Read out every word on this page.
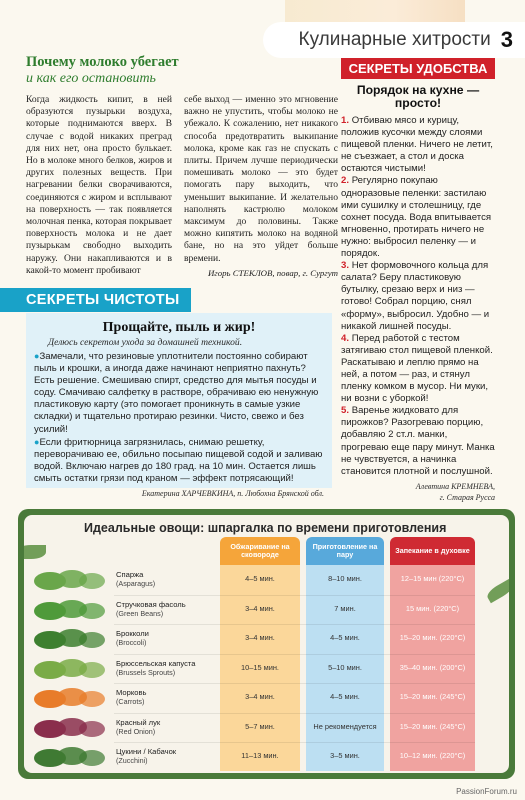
Кулинарные хитрости 3
Почему молоко убегает
и как его остановить

Когда жидкость кипит, в ней образуются пузырьки воздуха, которые поднимаются вверх. В случае с водой никаких преград для них нет, она просто булькает. Но в молоке много белков, жиров и других полезных веществ. При нагревании белки сворачиваются, соединяются с жиром и всплывают на поверхность — так появляется молочная пенка, которая покрывает поверхность молока и не дает пузырькам свободно выходить наружу. Они накапливаются и в какой-то момент пробивают

себе выход — именно это мгновение важно не упустить, чтобы молоко не убежало. К сожалению, нет никакого способа предотвратить выкипание молока, кроме как газ не спускать с плиты. Причем лучше периодически помешивать молоко — это будет помогать пару выходить, что уменьшит выкипание. И желательно наполнять кастрюлю молоком максимум до половины. Также можно кипятить молоко на водяной бане, но на это уйдет больше времени.

Игорь СТЕКЛОВ, повар, г. Сургут
СЕКРЕТЫ ЧИСТОТЫ
Прощайте, пыль и жир!
Делюсь секретом ухода за домашней техникой.

●Замечали, что резиновые уплотнители постоянно собирают пыль и крошки, а иногда даже начинают неприятно пахнуть? Есть решение. Смешиваю спирт, средство для мытья посуды и соду. Смачиваю салфетку в растворе, обрачиваю ею ненужную пластиковую карту (это помогает проникнуть в самые узкие складки) и тщательно протираю резинки. Чисто, свежо и без усилий!

●Если фритюрница загрязнилась, снимаю решетку, переворачиваю ее, обильно посыпаю пищевой содой и заливаю водой. Включаю нагрев до 180 град. на 10 мин. Остается лишь смыть остатки грязи под краном — эффект потрясающий!

Екатерина ХАРЧЕВКИНА, п. Любохна Брянской обл.
СЕКРЕТЫ УДОБСТВА
Порядок на кухне — просто!

1. Отбиваю мясо и курицу, положив кусочки между слоями пищевой пленки. Ничего не летит, не съезжает, а стол и доска остаются чистыми!

2. Регулярно покупаю одноразовые пеленки: застилаю ими сушилку и столешницу, где сохнет посуда. Вода впитывается мгновенно, протирать ничего не нужно: выбросил пеленку — и порядок.

3. Нет формовочного кольца для салата? Беру пластиковую бутылку, срезаю верх и низ — готово! Собрал порцию, снял «форму», выбросил. Удобно — и никакой лишней посуды.

4. Перед работой с тестом затягиваю стол пищевой пленкой. Раскатываю и леплю прямо на ней, а потом — раз, и стянул пленку комком в мусор. Ни муки, ни возни с уборкой!

5. Варенье жидковато для пирожков? Разогреваю порцию, добавляю 2 ст.л. манки, прогреваю еще пару минут. Манка не чувствуется, а начинка становится плотной и послушной.

Алевтина КРЕМНЕВА,
г. Старая Русса
Идеальные овощи: шпаргалка по времени приготовления
Обжаривание на сковороде
Приготовление на пару	Запекание в духовке
Спаржа
(Asparagus)
4–5 мин.	8–10 мин.	12–15 мин (220°C)
Стручковая фасоль
(Green Beans)
3–4 мин.	7 мин.	15 мин. (220°C)
Брокколи
(Broccoli)
3–4 мин.	4–5 мин.	15–20 мин. (220°C)
Брюссельская капуста
(Brussels Sprouts)
10–15 мин.	5–10 мин.	35–40 мин. (200°C)
Морковь
(Carrots)
3–4 мин.	4–5 мин.	15–20 мин. (245°C)
Красный лук
(Red Onion)
5–7 мин.	Не рекомендуется	15–20 мин. (245°C)
Цукини / Кабачок
(Zucchini)
11–13 мин.	3–5 мин.	10–12 мин. (220°C)
PassionForum.ru
